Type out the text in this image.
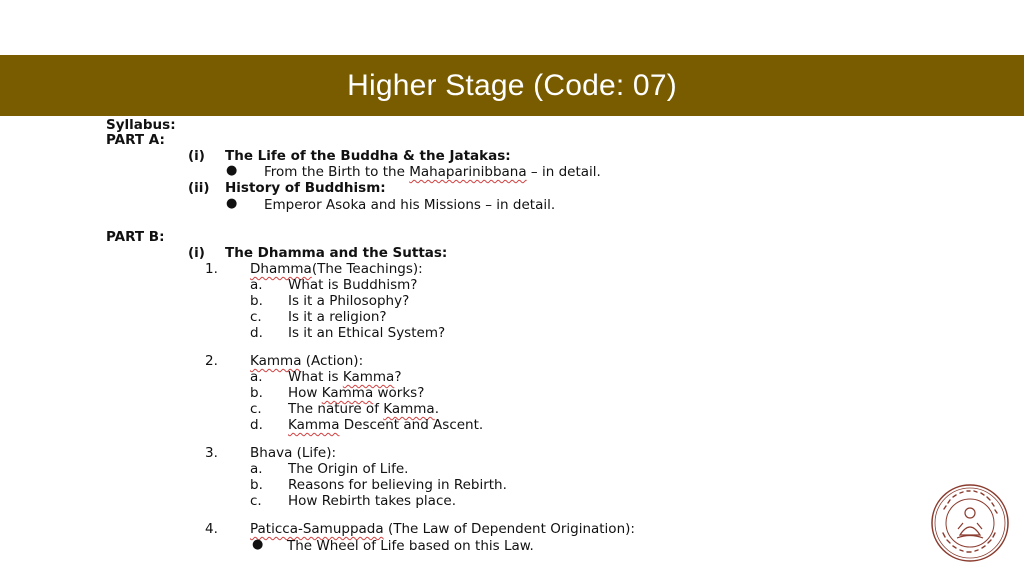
Higher Stage (Code: 07)
Syllabus:
PART A:
(i) The Life of the Buddha & the Jatakas:
● From the Birth to the Mahaparinibbana – in detail.
(ii) History of Buddhism:
● Emperor Asoka and his Missions – in detail.
PART B:
(i) The Dhamma and the Suttas:
1. Dhamma(The Teachings):
a. What is Buddhism?
b. Is it a Philosophy?
c. Is it a religion?
d. Is it an Ethical System?
2. Kamma (Action):
a. What is Kamma?
b. How Kamma works?
c. The nature of Kamma.
d. Kamma Descent and Ascent.
3. Bhava (Life):
a. The Origin of Life.
b. Reasons for believing in Rebirth.
c. How Rebirth takes place.
4. Paticca-Samuppada (The Law of Dependent Origination):
● The Wheel of Life based on this Law.
